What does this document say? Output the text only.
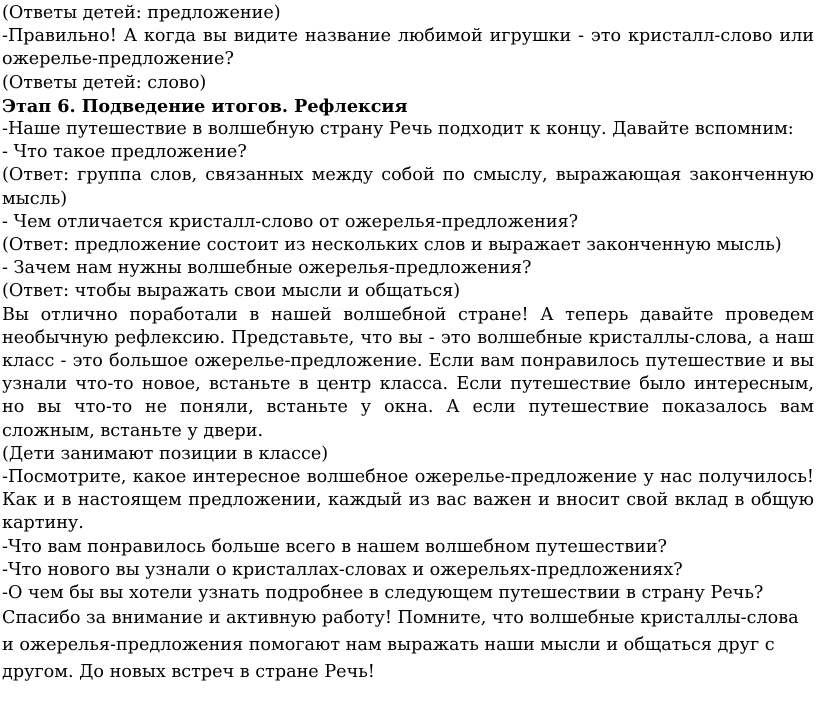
(Ответы детей: предложение)

-Правильно! А когда вы видите название любимой игрушки - это кристалл-слово или ожерелье-предложение?

(Ответы детей: слово)

Этап 6. Подведение итогов. Рефлексия

-Наше путешествие в волшебную страну Речь подходит к концу. Давайте вспомним:

- Что такое предложение?

(Ответ: группа слов, связанных между собой по смыслу, выражающая законченную мысль)

- Чем отличается кристалл-слово от ожерелья-предложения?

(Ответ: предложение состоит из нескольких слов и выражает законченную мысль)

- Зачем нам нужны волшебные ожерелья-предложения?

(Ответ: чтобы выражать свои мысли и общаться)

Вы отлично поработали в нашей волшебной стране! А теперь давайте проведем необычную рефлексию. Представьте, что вы - это волшебные кристаллы-слова, а наш класс - это большое ожерелье-предложение. Если вам понравилось путешествие и вы узнали что-то новое, встаньте в центр класса. Если путешествие было интересным, но вы что-то не поняли, встаньте у окна. А если путешествие показалось вам сложным, встаньте у двери.

(Дети занимают позиции в классе)

-Посмотрите, какое интересное волшебное ожерелье-предложение у нас получилось! Как и в настоящем предложении, каждый из вас важен и вносит свой вклад в общую картину.

-Что вам понравилось больше всего в нашем волшебном путешествии?

-Что нового вы узнали о кристаллах-словах и ожерельях-предложениях?

-О чем бы вы хотели узнать подробнее в следующем путешествии в страну Речь?

Спасибо за внимание и активную работу! Помните, что волшебные кристаллы-слова и ожерелья-предложения помогают нам выражать наши мысли и общаться друг с другом. До новых встреч в стране Речь!
